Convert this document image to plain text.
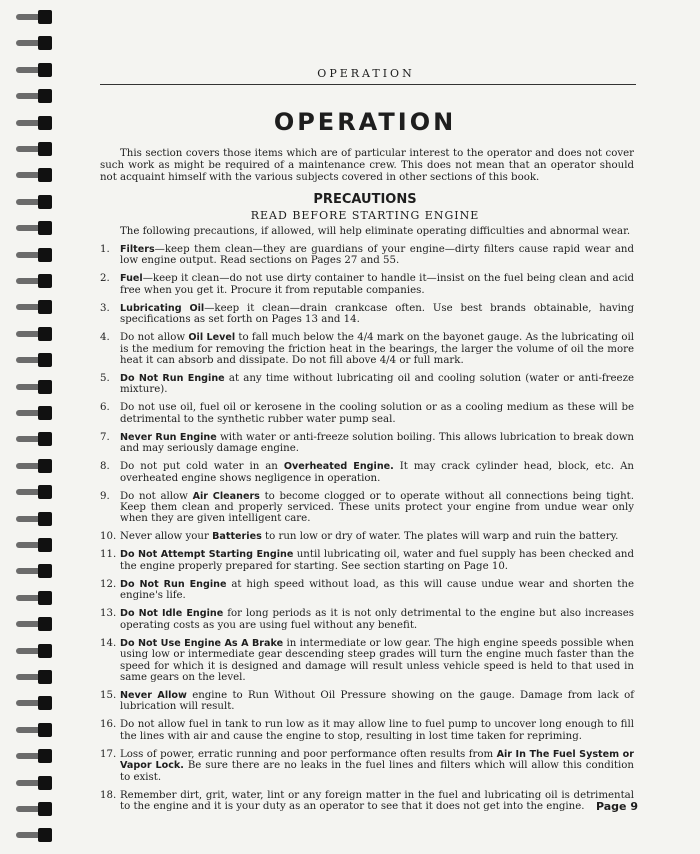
OPERATION
OPERATION

This section covers those items which are of particular interest to the operator and does not cover such work as might be required of a maintenance crew. This does not mean that an operator should not acquaint himself with the various subjects covered in other sections of this book.

PRECAUTIONS
READ BEFORE STARTING ENGINE

The following precautions, if allowed, will help eliminate operating difficulties and abnormal wear.

1.	Filters—keep them clean—they are guardians of your engine—dirty filters cause rapid wear and low engine output. Read sections on Pages 27 and 55.
2.	Fuel—keep it clean—do not use dirty container to handle it—insist on the fuel being clean and acid free when you get it. Procure it from reputable companies.
3.	Lubricating Oil—keep it clean—drain crankcase often. Use best brands obtainable, having specifications as set forth on Pages 13 and 14.
4.	Do not allow Oil Level to fall much below the 4/4 mark on the bayonet gauge. As the lubricating oil is the medium for removing the friction heat in the bearings, the larger the volume of oil the more heat it can absorb and dissipate. Do not fill above 4/4 or full mark.
5.	Do Not Run Engine at any time without lubricating oil and cooling solution (water or anti-freeze mixture).
6.	Do not use oil, fuel oil or kerosene in the cooling solution or as a cooling medium as these will be detrimental to the synthetic rubber water pump seal.
7.	Never Run Engine with water or anti-freeze solution boiling. This allows lubrication to break down and may seriously damage engine.
8.	Do not put cold water in an Overheated Engine. It may crack cylinder head, block, etc. An overheated engine shows negligence in operation.
9.	Do not allow Air Cleaners to become clogged or to operate without all connections being tight. Keep them clean and properly serviced. These units protect your engine from undue wear only when they are given intelligent care.
10. Never allow your Batteries to run low or dry of water. The plates will warp and ruin the battery.
11. Do Not Attempt Starting Engine until lubricating oil, water and fuel supply has been checked and the engine properly prepared for starting. See section starting on Page 10.
12. Do Not Run Engine at high speed without load, as this will cause undue wear and shorten the engine's life.
13. Do Not Idle Engine for long periods as it is not only detrimental to the engine but also increases operating costs as you are using fuel without any benefit.
14. Do Not Use Engine As A Brake in intermediate or low gear. The high engine speeds possible when using low or intermediate gear descending steep grades will turn the engine much faster than the speed for which it is designed and damage will result unless vehicle speed is held to that used in same gears on the level.
15. Never Allow engine to Run Without Oil Pressure showing on the gauge. Damage from lack of lubrication will result.
16. Do not allow fuel in tank to run low as it may allow line to fuel pump to uncover long enough to fill the lines with air and cause the engine to stop, resulting in lost time taken for repriming.
17. Loss of power, erratic running and poor performance often results from Air In The Fuel System or Vapor Lock. Be sure there are no leaks in the fuel lines and filters which will allow this condition to exist.
18. Remember dirt, grit, water, lint or any foreign matter in the fuel and lubricating oil is detrimental to the engine and it is your duty as an operator to see that it does not get into the engine.	Page 9
